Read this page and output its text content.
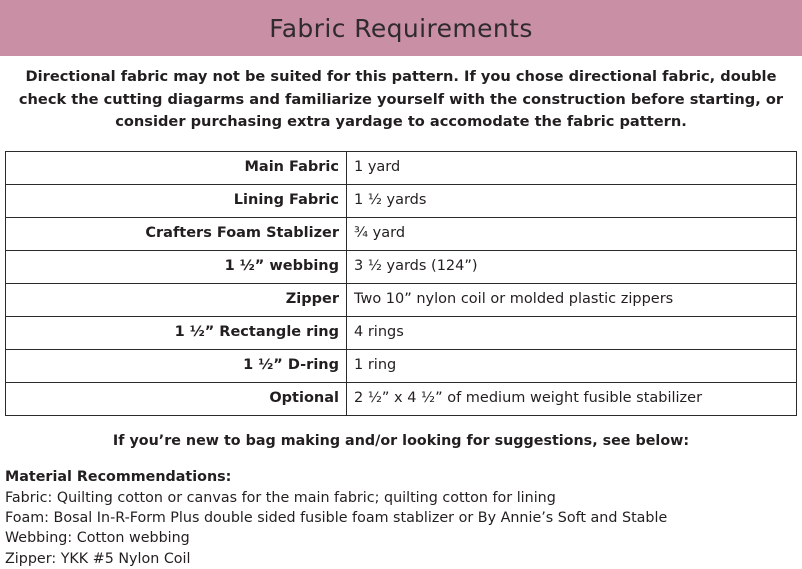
Fabric Requirements
Directional fabric may not be suited for this pattern. If you chose directional fabric, double check the cutting diagarms and familiarize yourself with the construction before starting, or consider purchasing extra yardage to accomodate the fabric pattern.
Main Fabric	1 yard
Lining Fabric	1 ½ yards
Crafters Foam Stablizer	¾ yard
1 ½” webbing	3 ½ yards (124”)
Zipper	Two 10” nylon coil or molded plastic zippers
1 ½” Rectangle ring	4 rings
1 ½” D-ring	1 ring
Optional	2 ½” x 4 ½” of medium weight fusible stabilizer
If you’re new to bag making and/or looking for suggestions, see below:
Material Recommendations:
Fabric: Quilting cotton or canvas for the main fabric; quilting cotton for lining
Foam: Bosal In-R-Form Plus double sided fusible foam stablizer or By Annie’s Soft and Stable
Webbing: Cotton webbing
Zipper: YKK #5 Nylon Coil
